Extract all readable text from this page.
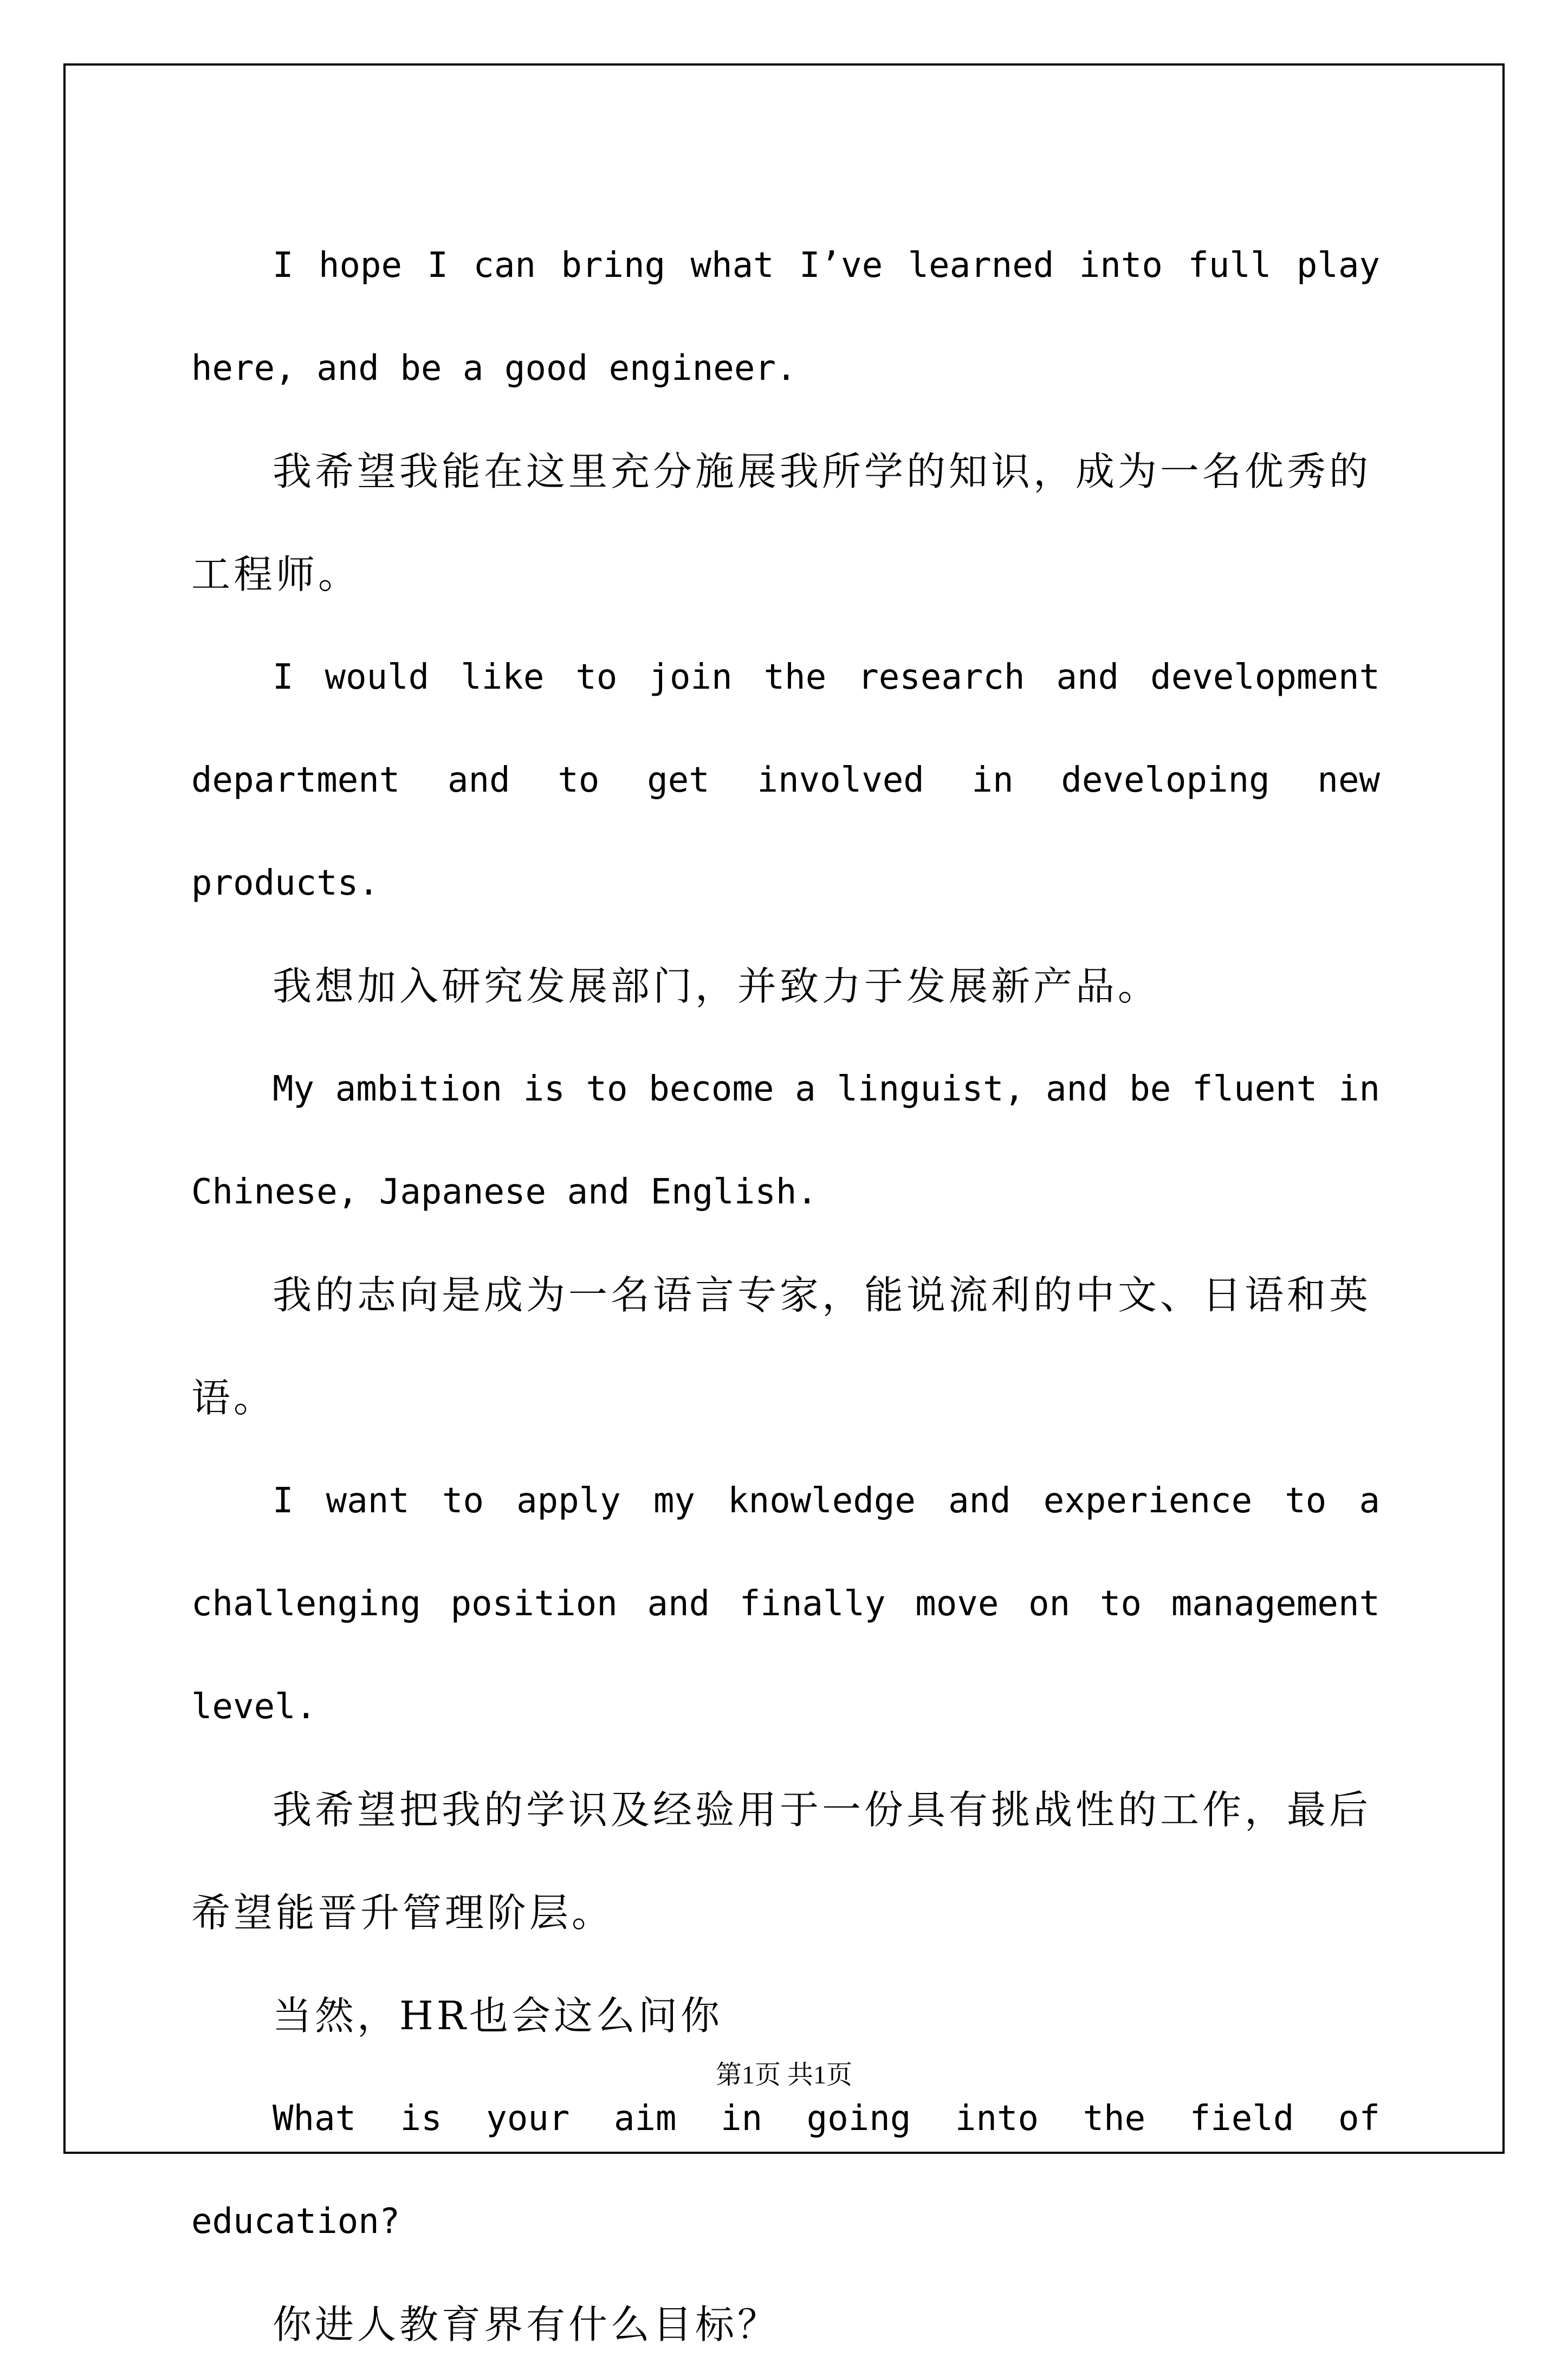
I hope I can bring what I’ve learned into full play here, and be a good engineer.

我希望我能在这里充分施展我所学的知识，成为一名优秀的工程师。

I would like to join the research and development department and to get involved in developing new products.

我想加入研究发展部门，并致力于发展新产品。

My ambition is to become a linguist, and be fluent in Chinese, Japanese and English.

我的志向是成为一名语言专家，能说流利的中文、日语和英语。

I want to apply my knowledge and experience to a challenging position and finally move on to management level.

我希望把我的学识及经验用于一份具有挑战性的工作，最后希望能晋升管理阶层。

当然，HR也会这么问你

What is your aim in going into the field of education?

你进人教育界有什么目标？

第1页 共1页
